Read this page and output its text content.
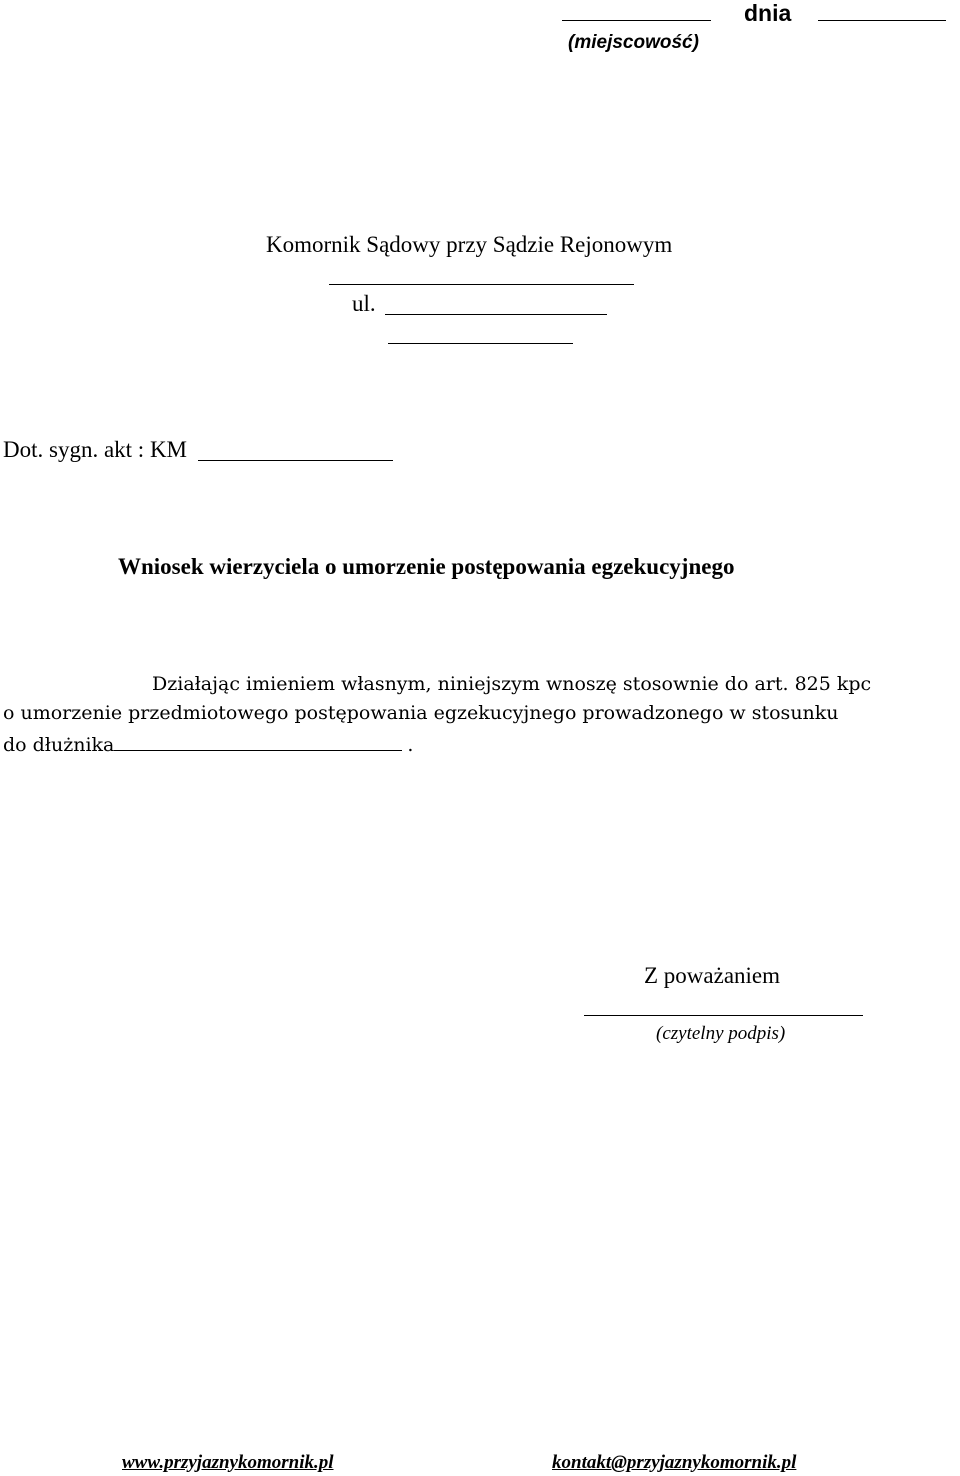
dnia
(miejscowość)
Komornik Sądowy przy Sądzie Rejonowym
ul.
Dot. sygn. akt : KM
Wniosek wierzyciela o umorzenie postępowania egzekucyjnego
Działając imieniem własnym, niniejszym wnoszę stosownie do art. 825 kpc
o umorzenie przedmiotowego postępowania egzekucyjnego prowadzonego w stosunku
do dłużnika	.
Z poważaniem
(czytelny podpis)
www.przyjaznykomornik.pl	kontakt@przyjaznykomornik.pl
